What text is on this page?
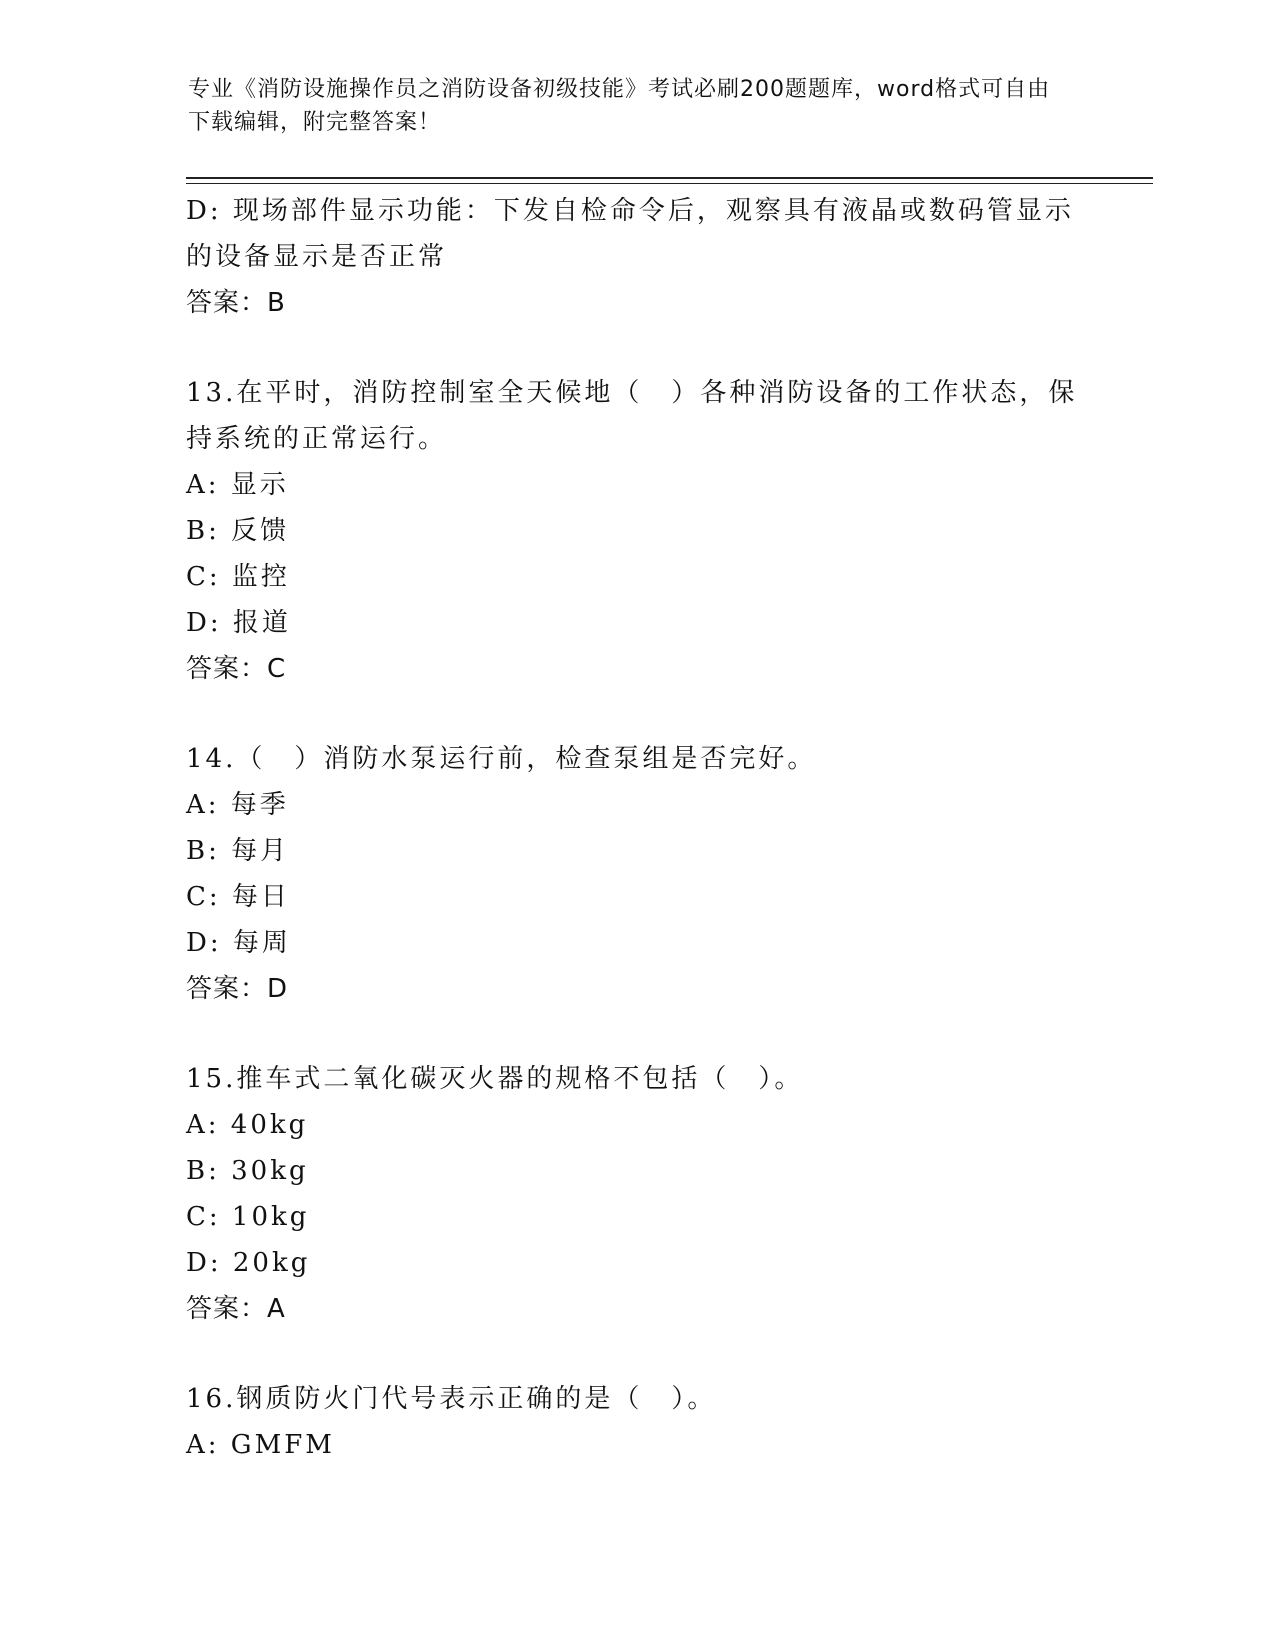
专业《消防设施操作员之消防设备初级技能》考试必刷200题题库，word格式可自由下载编辑，附完整答案！
D: 现场部件显示功能：下发自检命令后，观察具有液晶或数码管显示的设备显示是否正常
答案：B
13.在平时，消防控制室全天候地（　）各种消防设备的工作状态，保持系统的正常运行。
A: 显示
B: 反馈
C: 监控
D: 报道
答案：C
14.（　）消防水泵运行前，检查泵组是否完好。
A: 每季
B: 每月
C: 每日
D: 每周
答案：D
15.推车式二氧化碳灭火器的规格不包括（　）。
A: 40kg
B: 30kg
C: 10kg
D: 20kg
答案：A
16.钢质防火门代号表示正确的是（　）。
A: GMFM
